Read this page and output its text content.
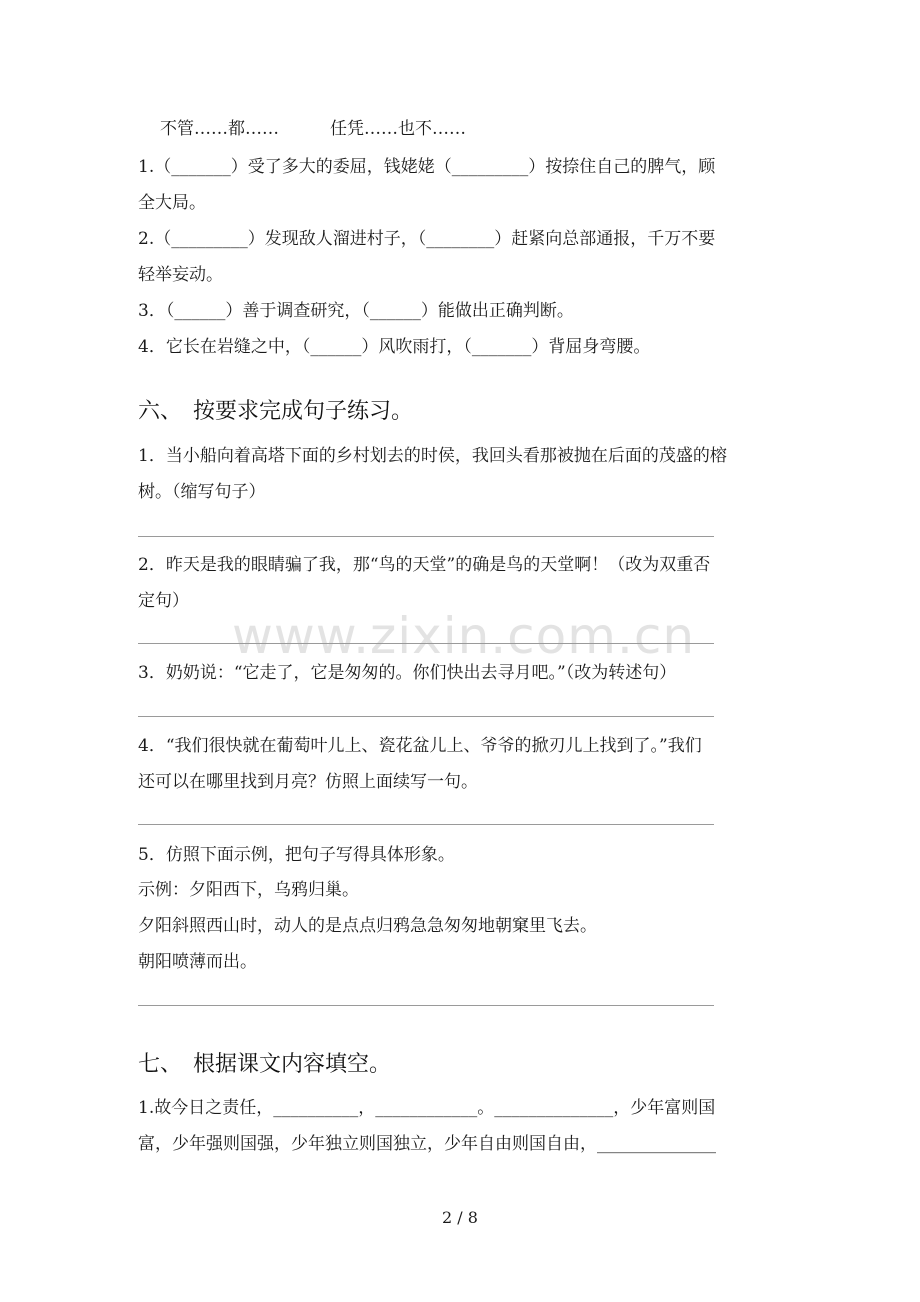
www.zixin.com.cn
不管……都……　　　任凭……也不……
1.（_______）受了多大的委屈，钱姥姥（_________）按捺住自己的脾气，顾
全大局。
2.（_________）发现敌人溜进村子，（________）赶紧向总部通报，千万不要
轻举妄动。
3．（______）善于调查研究，（______）能做出正确判断。
4．它长在岩缝之中，（______）风吹雨打，（_______）背屈身弯腰。
六、　按要求完成句子练习。
1．当小船向着高塔下面的乡村划去的时侯，我回头看那被抛在后面的茂盛的榕
树。（缩写句子）
2．昨天是我的眼睛骗了我，那“鸟的天堂”的确是鸟的天堂啊！（改为双重否
定句）
3．奶奶说：“它走了，它是匆匆的。你们快出去寻月吧。”（改为转述句）
4．“我们很快就在葡萄叶儿上、瓷花盆儿上、爷爷的掀刃儿上找到了。”我们
还可以在哪里找到月亮？仿照上面续写一句。
5．仿照下面示例，把句子写得具体形象。
示例：夕阳西下，乌鸦归巢。
夕阳斜照西山时，动人的是点点归鸦急急匆匆地朝窠里飞去。
朝阳喷薄而出。
七、　根据课文内容填空。
1.故今日之责任，__________，____________。______________，少年富则国
富，少年强则国强，少年独立则国独立，少年自由则国自由，______________
2 / 8
